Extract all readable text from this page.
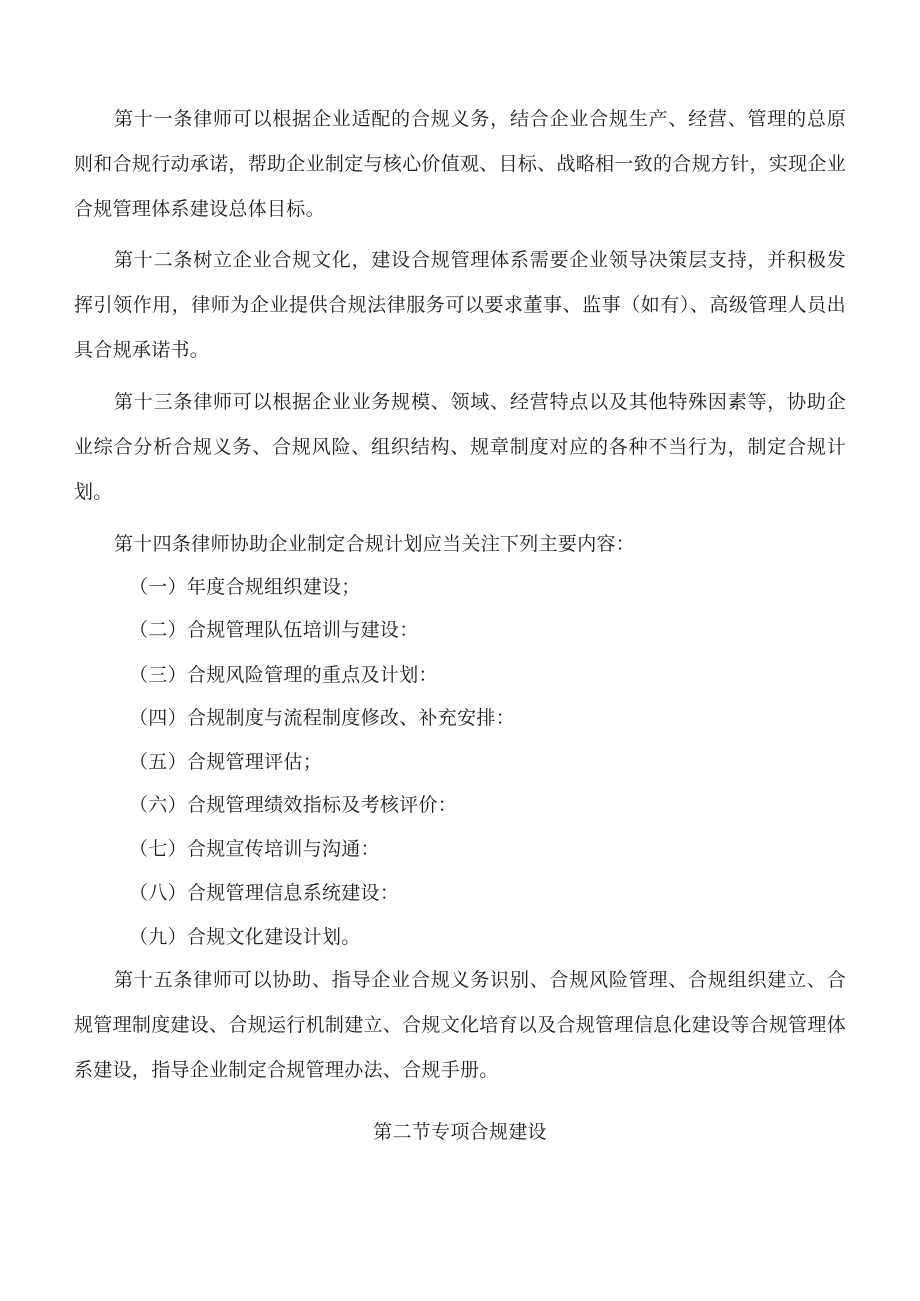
第十一条律师可以根据企业适配的合规义务，结合企业合规生产、经营、管理的总原则和合规行动承诺，帮助企业制定与核心价值观、目标、战略相一致的合规方针，实现企业合规管理体系建设总体目标。

第十二条树立企业合规文化，建设合规管理体系需要企业领导决策层支持，并积极发挥引领作用，律师为企业提供合规法律服务可以要求董事、监事（如有）、高级管理人员出具合规承诺书。

第十三条律师可以根据企业业务规模、领域、经营特点以及其他特殊因素等，协助企业综合分析合规义务、合规风险、组织结构、规章制度对应的各种不当行为，制定合规计划。

第十四条律师协助企业制定合规计划应当关注下列主要内容：

（一）年度合规组织建设；

（二）合规管理队伍培训与建设：

（三）合规风险管理的重点及计划：

（四）合规制度与流程制度修改、补充安排：

（五）合规管理评估；

（六）合规管理绩效指标及考核评价：

（七）合规宣传培训与沟通：

（八）合规管理信息系统建设：

（九）合规文化建设计划。

第十五条律师可以协助、指导企业合规义务识别、合规风险管理、合规组织建立、合规管理制度建设、合规运行机制建立、合规文化培育以及合规管理信息化建设等合规管理体系建设，指导企业制定合规管理办法、合规手册。

第二节专项合规建设
